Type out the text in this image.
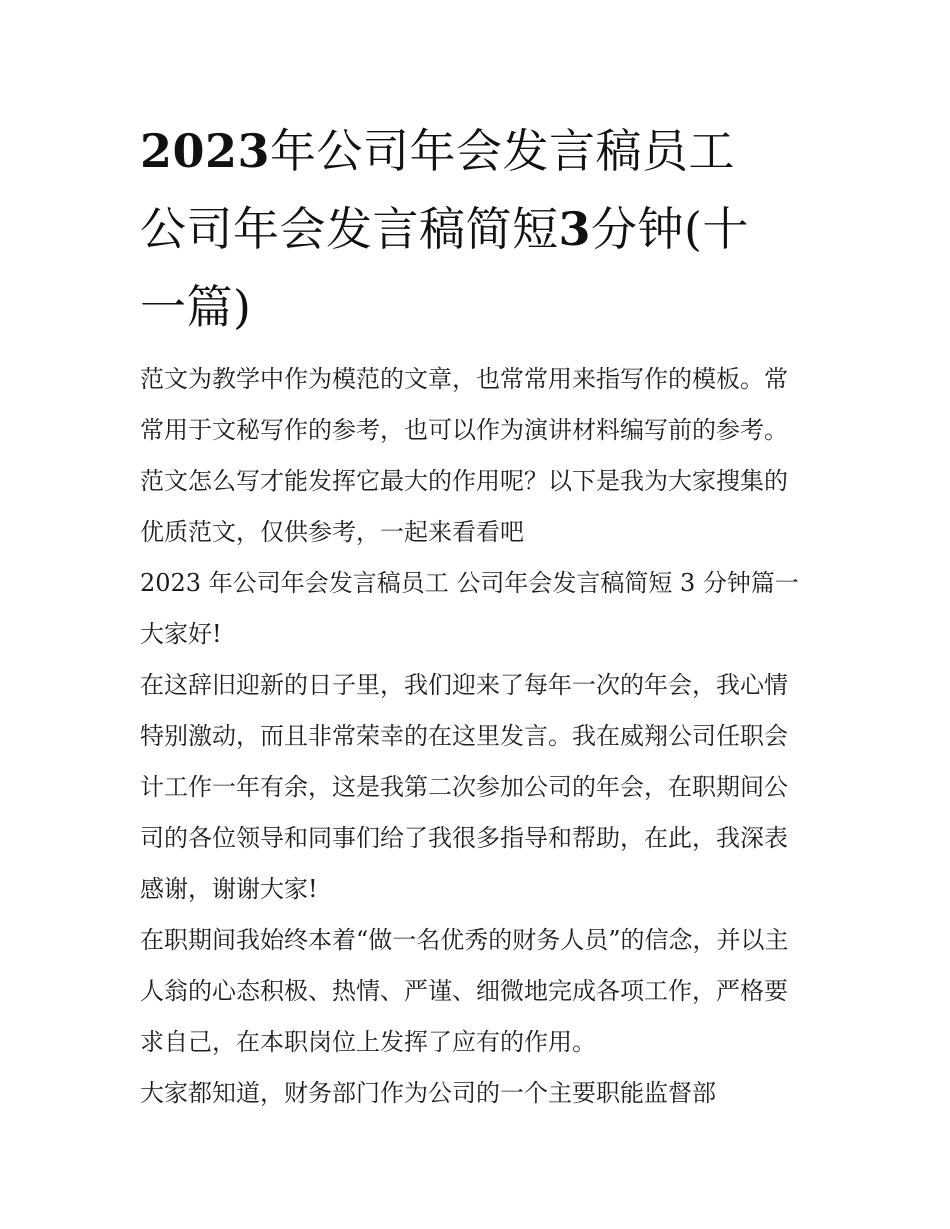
2023年公司年会发言稿员工
公司年会发言稿简短3分钟(十
一篇)
范文为教学中作为模范的文章，也常常用来指写作的模板。常
常用于文秘写作的参考，也可以作为演讲材料编写前的参考。
范文怎么写才能发挥它最大的作用呢？以下是我为大家搜集的
优质范文，仅供参考，一起来看看吧
2023 年公司年会发言稿员工 公司年会发言稿简短 3 分钟篇一
大家好!
在这辞旧迎新的日子里，我们迎来了每年一次的年会，我心情
特别激动，而且非常荣幸的在这里发言。我在威翔公司任职会
计工作一年有余，这是我第二次参加公司的年会，在职期间公
司的各位领导和同事们给了我很多指导和帮助，在此，我深表
感谢，谢谢大家!
在职期间我始终本着“做一名优秀的财务人员”的信念，并以主
人翁的心态积极、热情、严谨、细微地完成各项工作，严格要
求自己，在本职岗位上发挥了应有的作用。
大家都知道，财务部门作为公司的一个主要职能监督部
